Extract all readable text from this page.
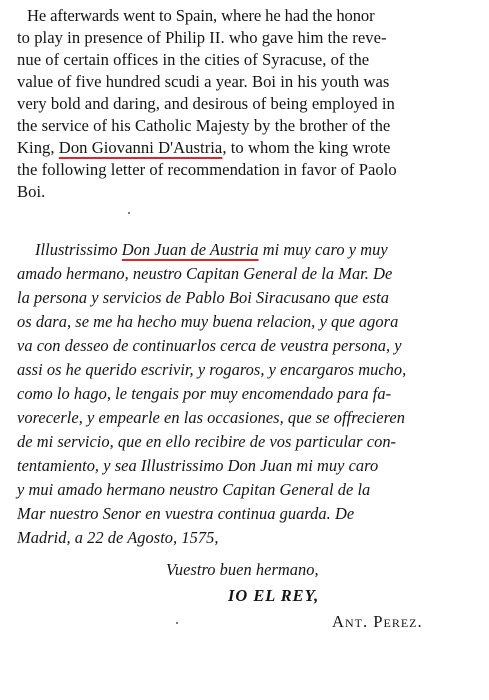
He afterwards went to Spain, where he had the honor
to play in presence of Philip II. who gave him the reve-
nue of certain offices in the cities of Syracuse, of the
value of five hundred scudi a year. Boi in his youth was
very bold and daring, and desirous of being employed in
the service of his Catholic Majesty by the brother of the
King, Don Giovanni D'Austria, to whom the king wrote
the following letter of recommendation in favor of Paolo
Boi.
Illustrissimo Don Juan de Austria mi muy caro y muy
amado hermano, neustro Capitan General de la Mar. De
la persona y servicios de Pablo Boi Siracusano que esta
os dara, se me ha hecho muy buena relacion, y que agora
va con desseo de continuarlos cerca de veustra persona, y
assi os he querido escrivir, y rogaros, y encargaros mucho,
como lo hago, le tengais por muy encomendado para fa-
vorecerle, y empearle en las occasiones, que se offrecieren
de mi servicio, que en ello recibire de vos particular con-
tentamiento, y sea Illustrissimo Don Juan mi muy caro
y mui amado hermano neustro Capitan General de la
Mar nuestro Senor en vuestra continua guarda. De
Madrid, a 22 de Agosto, 1575,
Vuestro buen hermano,
IO EL REY,
Ant. Perez.
